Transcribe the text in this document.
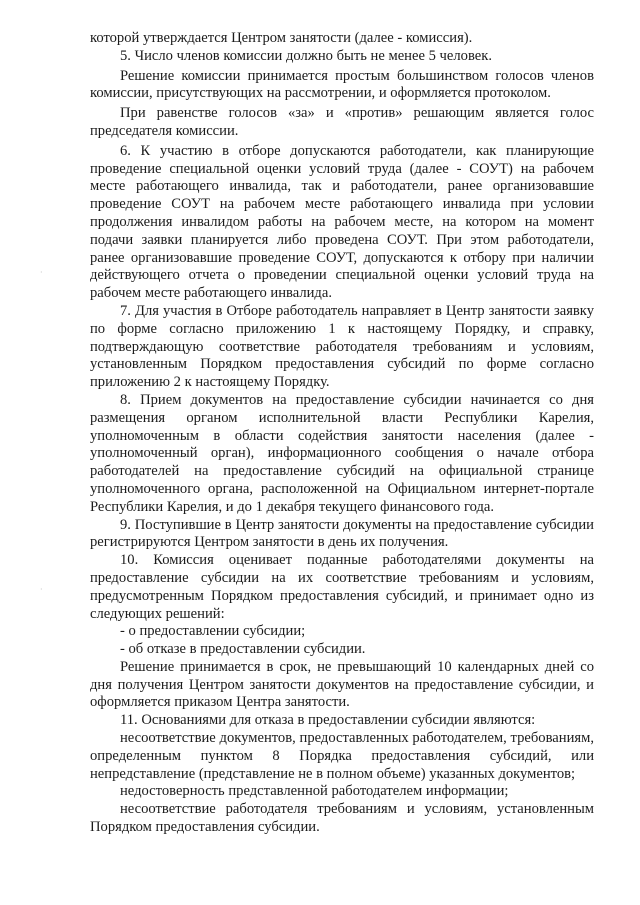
·
·

которой утверждается Центром занятости (далее - комиссия).

5. Число членов комиссии должно быть не менее 5 человек.

Решение комиссии принимается простым большинством голосов членов комиссии, присутствующих на рассмотрении, и оформляется протоколом.

При равенстве голосов «за» и «против» решающим является голос председателя комиссии.

6. К участию в отборе допускаются работодатели, как планирующие проведение специальной оценки условий труда (далее - СОУТ) на рабочем месте работающего инвалида, так и работодатели, ранее организовавшие проведение СОУТ на рабочем месте работающего инвалида при условии продолжения инвалидом работы на рабочем месте, на котором на момент подачи заявки планируется либо проведена СОУТ. При этом работодатели, ранее организовавшие проведение СОУТ, допускаются к отбору при наличии действующего отчета о проведении специальной оценки условий труда на рабочем месте работающего инвалида.

7. Для участия в Отборе работодатель направляет в Центр занятости заявку по форме согласно приложению 1 к настоящему Порядку, и справку, подтверждающую соответствие работодателя требованиям и условиям, установленным Порядком предоставления субсидий по форме согласно приложению 2 к настоящему Порядку.

8. Прием документов на предоставление субсидии начинается со дня размещения органом исполнительной власти Республики Карелия, уполномоченным в области содействия занятости населения (далее - уполномоченный орган), информационного сообщения о начале отбора работодателей на предоставление субсидий на официальной странице уполномоченного органа, расположенной на Официальном интернет-портале Республики Карелия, и до 1 декабря текущего финансового года.

9. Поступившие в Центр занятости документы на предоставление субсидии регистрируются Центром занятости в день их получения.

10. Комиссия оценивает поданные работодателями документы на предоставление субсидии на их соответствие требованиям и условиям, предусмотренным Порядком предоставления субсидий, и принимает одно из следующих решений:

- о предоставлении субсидии;

- об отказе в предоставлении субсидии.

Решение принимается в срок, не превышающий 10 календарных дней со дня получения Центром занятости документов на предоставление субсидии, и оформляется приказом Центра занятости.

11. Основаниями для отказа в предоставлении субсидии являются:

несоответствие документов, предоставленных работодателем, требованиям, определенным пунктом 8 Порядка предоставления субсидий, или непредставление (представление не в полном объеме) указанных документов;

недостоверность представленной работодателем информации;

несоответствие работодателя требованиям и условиям, установленным Порядком предоставления субсидии.
